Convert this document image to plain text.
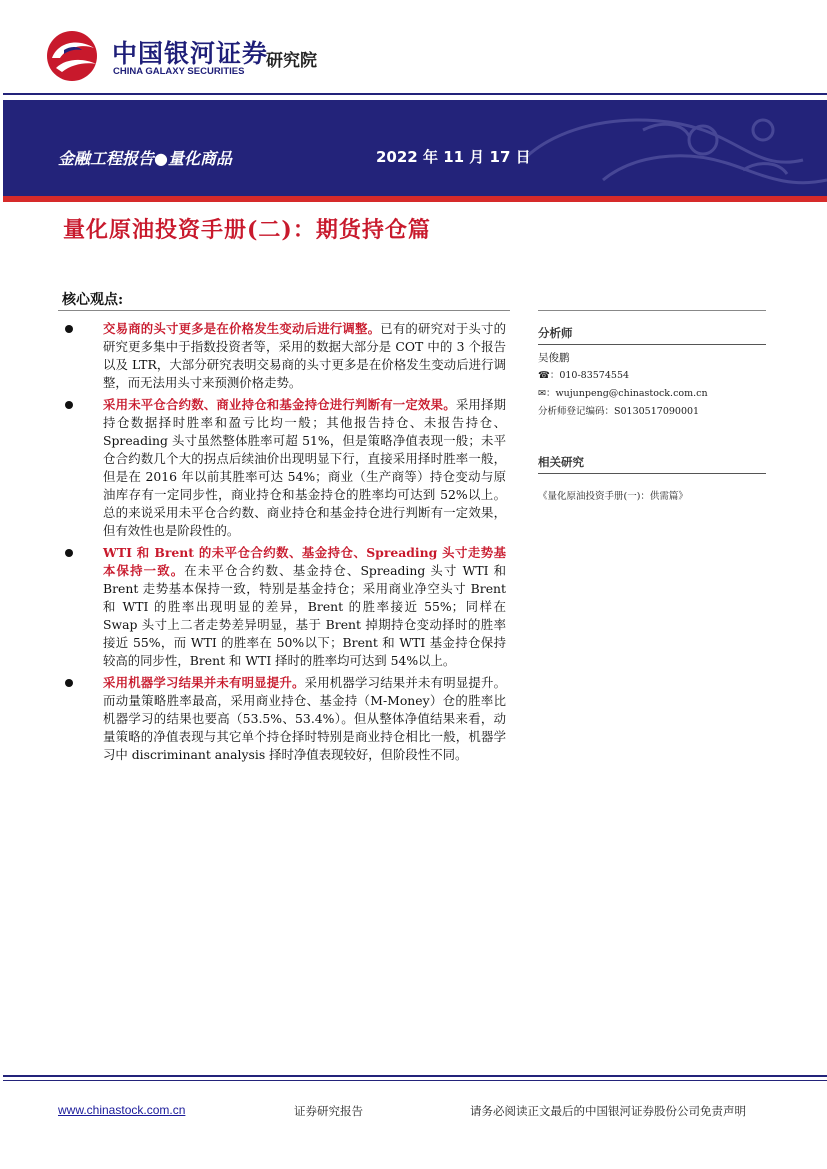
中国银河证券
CHINA GALAXY SECURITIES
研究院
金融工程报告●量化商品	2022 年 11 月 17 日
量化原油投资手册(二)：期货持仓篇
核心观点:
交易商的头寸更多是在价格发生变动后进行调整。已有的研究对于头寸的研究更多集中于指数投资者等，采用的数据大部分是 COT 中的 3 个报告以及 LTR，大部分研究表明交易商的头寸更多是在价格发生变动后进行调整，而无法用头寸来预测价格走势。
采用未平仓合约数、商业持仓和基金持仓进行判断有一定效果。采用择期持仓数据择时胜率和盈亏比均一般；其他报告持仓、未报告持仓、Spreading 头寸虽然整体胜率可超 51%，但是策略净值表现一般；未平仓合约数几个大的拐点后续油价出现明显下行，直接采用择时胜率一般，但是在 2016 年以前其胜率可达 54%；商业（生产商等）持仓变动与原油库存有一定同步性，商业持仓和基金持仓的胜率均可达到 52%以上。总的来说采用未平仓合约数、商业持仓和基金持仓进行判断有一定效果，但有效性也是阶段性的。
WTI 和 Brent 的未平仓合约数、基金持仓、Spreading 头寸走势基本保持一致。在未平仓合约数、基金持仓、Spreading 头寸 WTI 和 Brent 走势基本保持一致，特别是基金持仓；采用商业净空头寸 Brent 和 WTI 的胜率出现明显的差异，Brent 的胜率接近 55%；同样在 Swap 头寸上二者走势差异明显，基于 Brent 掉期持仓变动择时的胜率接近 55%，而 WTI 的胜率在 50%以下；Brent 和 WTI 基金持仓保持较高的同步性，Brent 和 WTI 择时的胜率均可达到 54%以上。
采用机器学习结果并未有明显提升。采用机器学习结果并未有明显提升。而动量策略胜率最高，采用商业持仓、基金持（M-Money）仓的胜率比机器学习的结果也要高（53.5%、53.4%）。但从整体净值结果来看，动量策略的净值表现与其它单个持仓择时特别是商业持仓相比一般，机器学习中 discriminant analysis 择时净值表现较好，但阶段性不同。
分析师
吴俊鹏
☎：010-83574554
✉：wujunpeng@chinastock.com.cn
分析师登记编码：S0130517090001
相关研究
《量化原油投资手册(一)：供需篇》
www.chinastock.com.cn	证券研究报告	请务必阅读正文最后的中国银河证券股份公司免责声明
